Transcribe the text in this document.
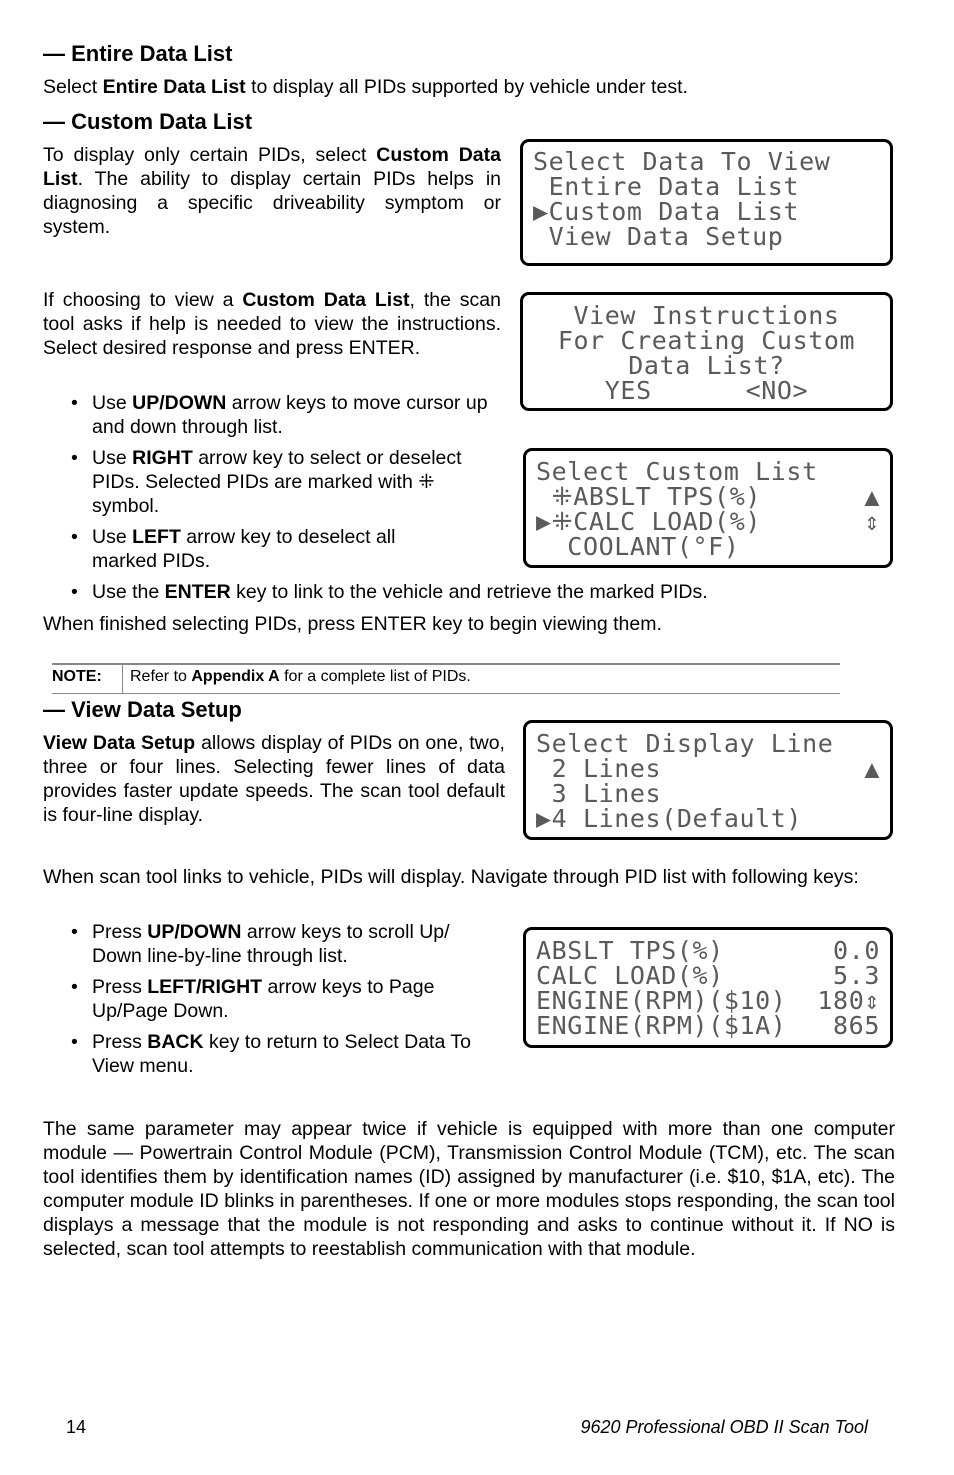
— Entire Data List
Select Entire Data List to display all PIDs supported by vehicle under test.
— Custom Data List
To display only certain PIDs, select Custom Data List. The ability to display certain PIDs helps in diagnosing a specific driveability symptom or system.
If choosing to view a Custom Data List, the scan tool asks if help is needed to view the instructions. Select desired response and press ENTER.
• Use UP/DOWN arrow keys to move cursor up and down through list.
• Use RIGHT arrow key to select or deselect PIDs. Selected PIDs are marked with ⁜ symbol.
• Use LEFT arrow key to deselect all marked PIDs.
• Use the ENTER key to link to the vehicle and retrieve the marked PIDs.
When finished selecting PIDs, press ENTER key to begin viewing them.
NOTE: Refer to Appendix A for a complete list of PIDs.
— View Data Setup
View Data Setup allows display of PIDs on one, two, three or four lines. Selecting fewer lines of data provides faster update speeds. The scan tool default is four-line display.
When scan tool links to vehicle, PIDs will display. Navigate through PID list with following keys:
• Press UP/DOWN arrow keys to scroll Up/ Down line-by-line through list.
• Press LEFT/RIGHT arrow keys to Page Up/Page Down.
• Press BACK key to return to Select Data To View menu.
The same parameter may appear twice if vehicle is equipped with more than one computer module — Powertrain Control Module (PCM), Transmission Control Module (TCM), etc. The scan tool identifies them by identification names (ID) assigned by manufacturer (i.e. $10, $1A, etc). The computer module ID blinks in parentheses. If one or more modules stops responding, the scan tool displays a message that the module is not responding and asks to continue without it. If NO is selected, scan tool attempts to reestablish communication with that module.
Select Data To View
Entire Data List
▶Custom Data List
View Data Setup
View Instructions
For Creating Custom
Data List?
YES      <NO>
Select Custom List
⁜ABSLT TPS(%)	▲
▶⁜CALC LOAD(%)	⇕
COOLANT(°F)
Select Display Line
2 Lines	▲
3 Lines
▶4 Lines(Default)
ABSLT TPS(%)	0.0
CALC LOAD(%)	5.3
ENGINE(RPM)($10) 180⇕
ENGINE(RPM)($1A) 865
14	9620 Professional OBD II Scan Tool
